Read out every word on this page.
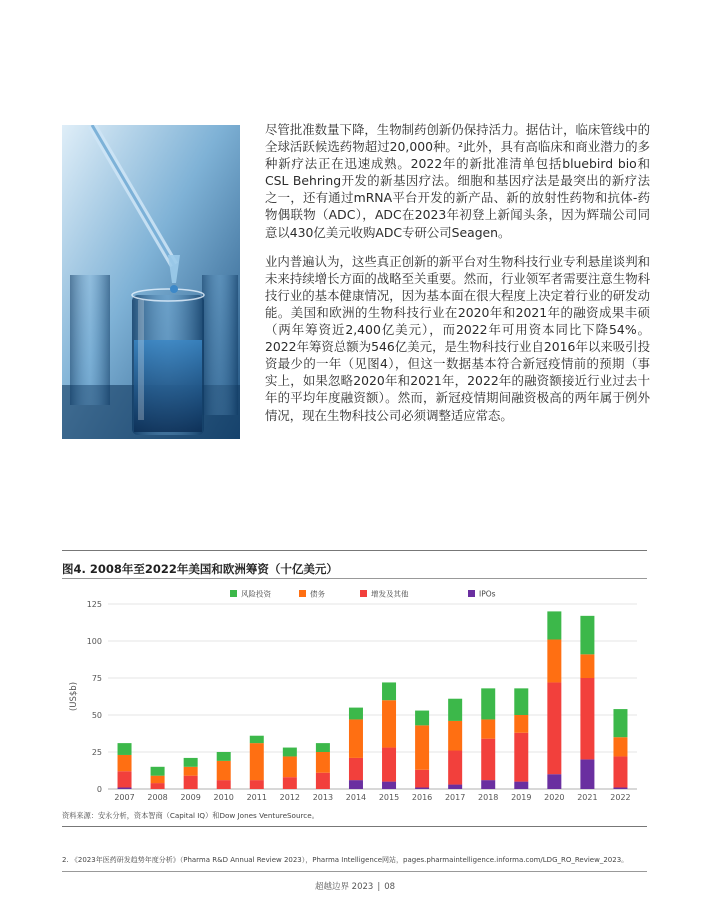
尽管批准数量下降，生物制药创新仍保持活力。据估计，临床管线中的全球活跃候选药物超过20,000种。²此外，具有高临床和商业潜力的多种新疗法正在迅速成熟。2022年的新批准清单包括bluebird bio和CSL Behring开发的新基因疗法。细胞和基因疗法是最突出的新疗法之一，还有通过mRNA平台开发的新产品、新的放射性药物和抗体-药物偶联物（ADC），ADC在2023年初登上新闻头条，因为辉瑞公司同意以430亿美元收购ADC专研公司Seagen。

业内普遍认为，这些真正创新的新平台对生物科技行业专利悬崖谈判和未来持续增长方面的战略至关重要。然而，行业领军者需要注意生物科技行业的基本健康情况，因为基本面在很大程度上决定着行业的研发动能。美国和欧洲的生物科技行业在2020年和2021年的融资成果丰硕（两年筹资近2,400亿美元），而2022年可用资本同比下降54%。2022年筹资总额为546亿美元，是生物科技行业自2016年以来吸引投资最少的一年（见图4），但这一数据基本符合新冠疫情前的预期（事实上，如果忽略2020年和2021年，2022年的融资额接近行业过去十年的平均年度融资额）。然而，新冠疫情期间融资极高的两年属于例外情况，现在生物科技公司必须调整适应常态。

图4. 2008年至2022年美国和欧洲筹资（十亿美元）
0
25
50
75
100
125
(US$b)
2007 2008 2009 2010 2011 2012 2013 2014 2015 2016 2017 2018 2019 2020 2021 2022
风险投资	债务	增发及其他	IPOs
资料来源：安永分析，资本智商（Capital IQ）和Dow Jones VentureSource。
2. 《2023年医药研发趋势年度分析》（Pharma R&D Annual Review 2023），Pharma Intelligence网站，pages.pharmaintelligence.informa.com/LDG_RO_Review_2023。
超越边界 2023 | 08
